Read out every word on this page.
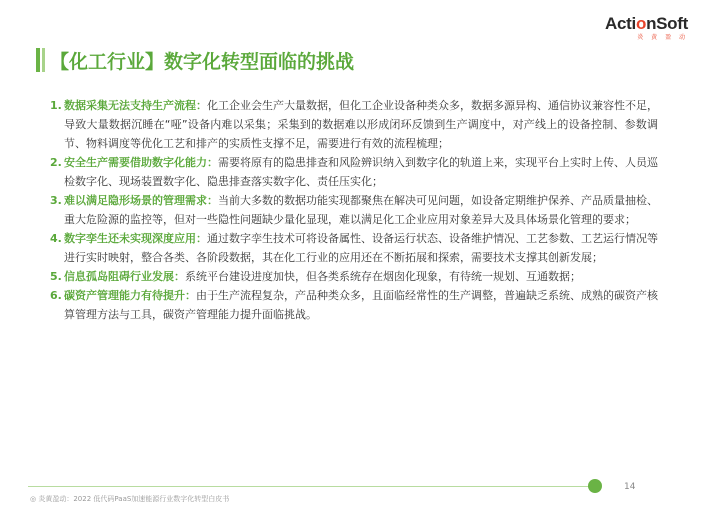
ActionSoft
炎 黄 盈 动
【化工行业】数字化转型面临的挑战
1. 数据采集无法支持生产流程：化工企业会生产大量数据，但化工企业设备种类众多，数据多源异构、通信协议兼容性不足，导致大量数据沉睡在“哑”设备内难以采集；采集到的数据难以形成闭环反馈到生产调度中，对产线上的设备控制、参数调节、物料调度等优化工艺和排产的实质性支撑不足，需要进行有效的流程梳理；
2. 安全生产需要借助数字化能力：需要将原有的隐患排查和风险辨识纳入到数字化的轨道上来，实现平台上实时上传、人员巡检数字化、现场装置数字化、隐患排查落实数字化、责任压实化；
3. 难以满足隐形场景的管理需求：当前大多数的数据功能实现都聚焦在解决可见问题，如设备定期维护保养、产品质量抽检、重大危险源的监控等，但对一些隐性问题缺少量化显现，难以满足化工企业应用对象差异大及具体场景化管理的要求；
4. 数字孪生还未实现深度应用：通过数字孪生技术可将设备属性、设备运行状态、设备维护情况、工艺参数、工艺运行情况等进行实时映射，整合各类、各阶段数据，其在化工行业的应用还在不断拓展和探索，需要技术支撑其创新发展；
5. 信息孤岛阻碍行业发展：系统平台建设进度加快，但各类系统存在烟囱化现象，有待统一规划、互通数据；
6. 碳资产管理能力有待提升：由于生产流程复杂，产品种类众多，且面临经常性的生产调整，普遍缺乏系统、成熟的碳资产核算管理方法与工具，碳资产管理能力提升面临挑战。
14
◎ 炎黄盈动：2022 低代码PaaS加速能源行业数字化转型白皮书
